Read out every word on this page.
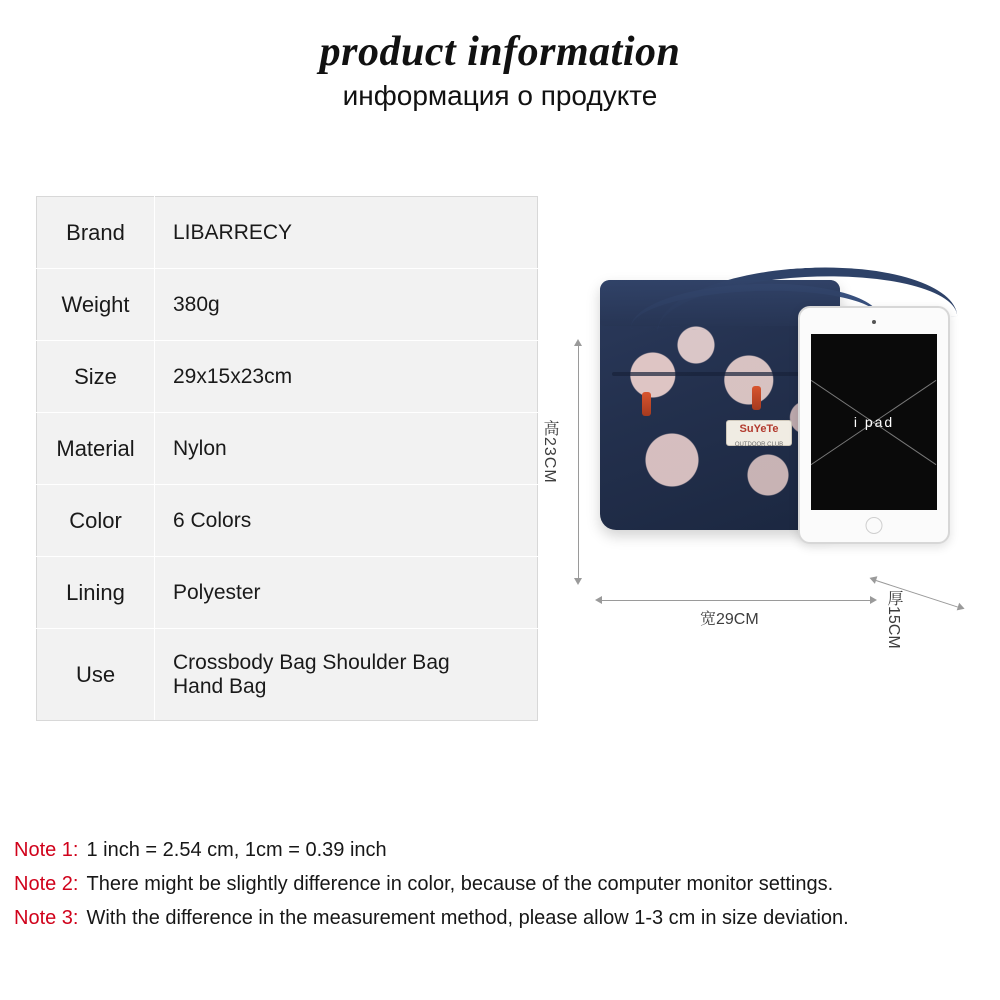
product information
информация о продукте
Brand	LIBARRECY
Weight	380g
Size	29x15x23cm
Material	Nylon
Color	6 Colors
Lining	Polyester
Use	Crossbody Bag Shoulder Bag
Hand Bag
SuYeTe
OUTDOOR CLUB
i pad
高23CM
宽29CM	厚15CM
Note 1: 1 inch = 2.54 cm, 1cm = 0.39 inch
Note 2: There might be slightly difference in color, because of the computer monitor settings.
Note 3: With the difference in the measurement method, please allow 1-3 cm in size deviation.
